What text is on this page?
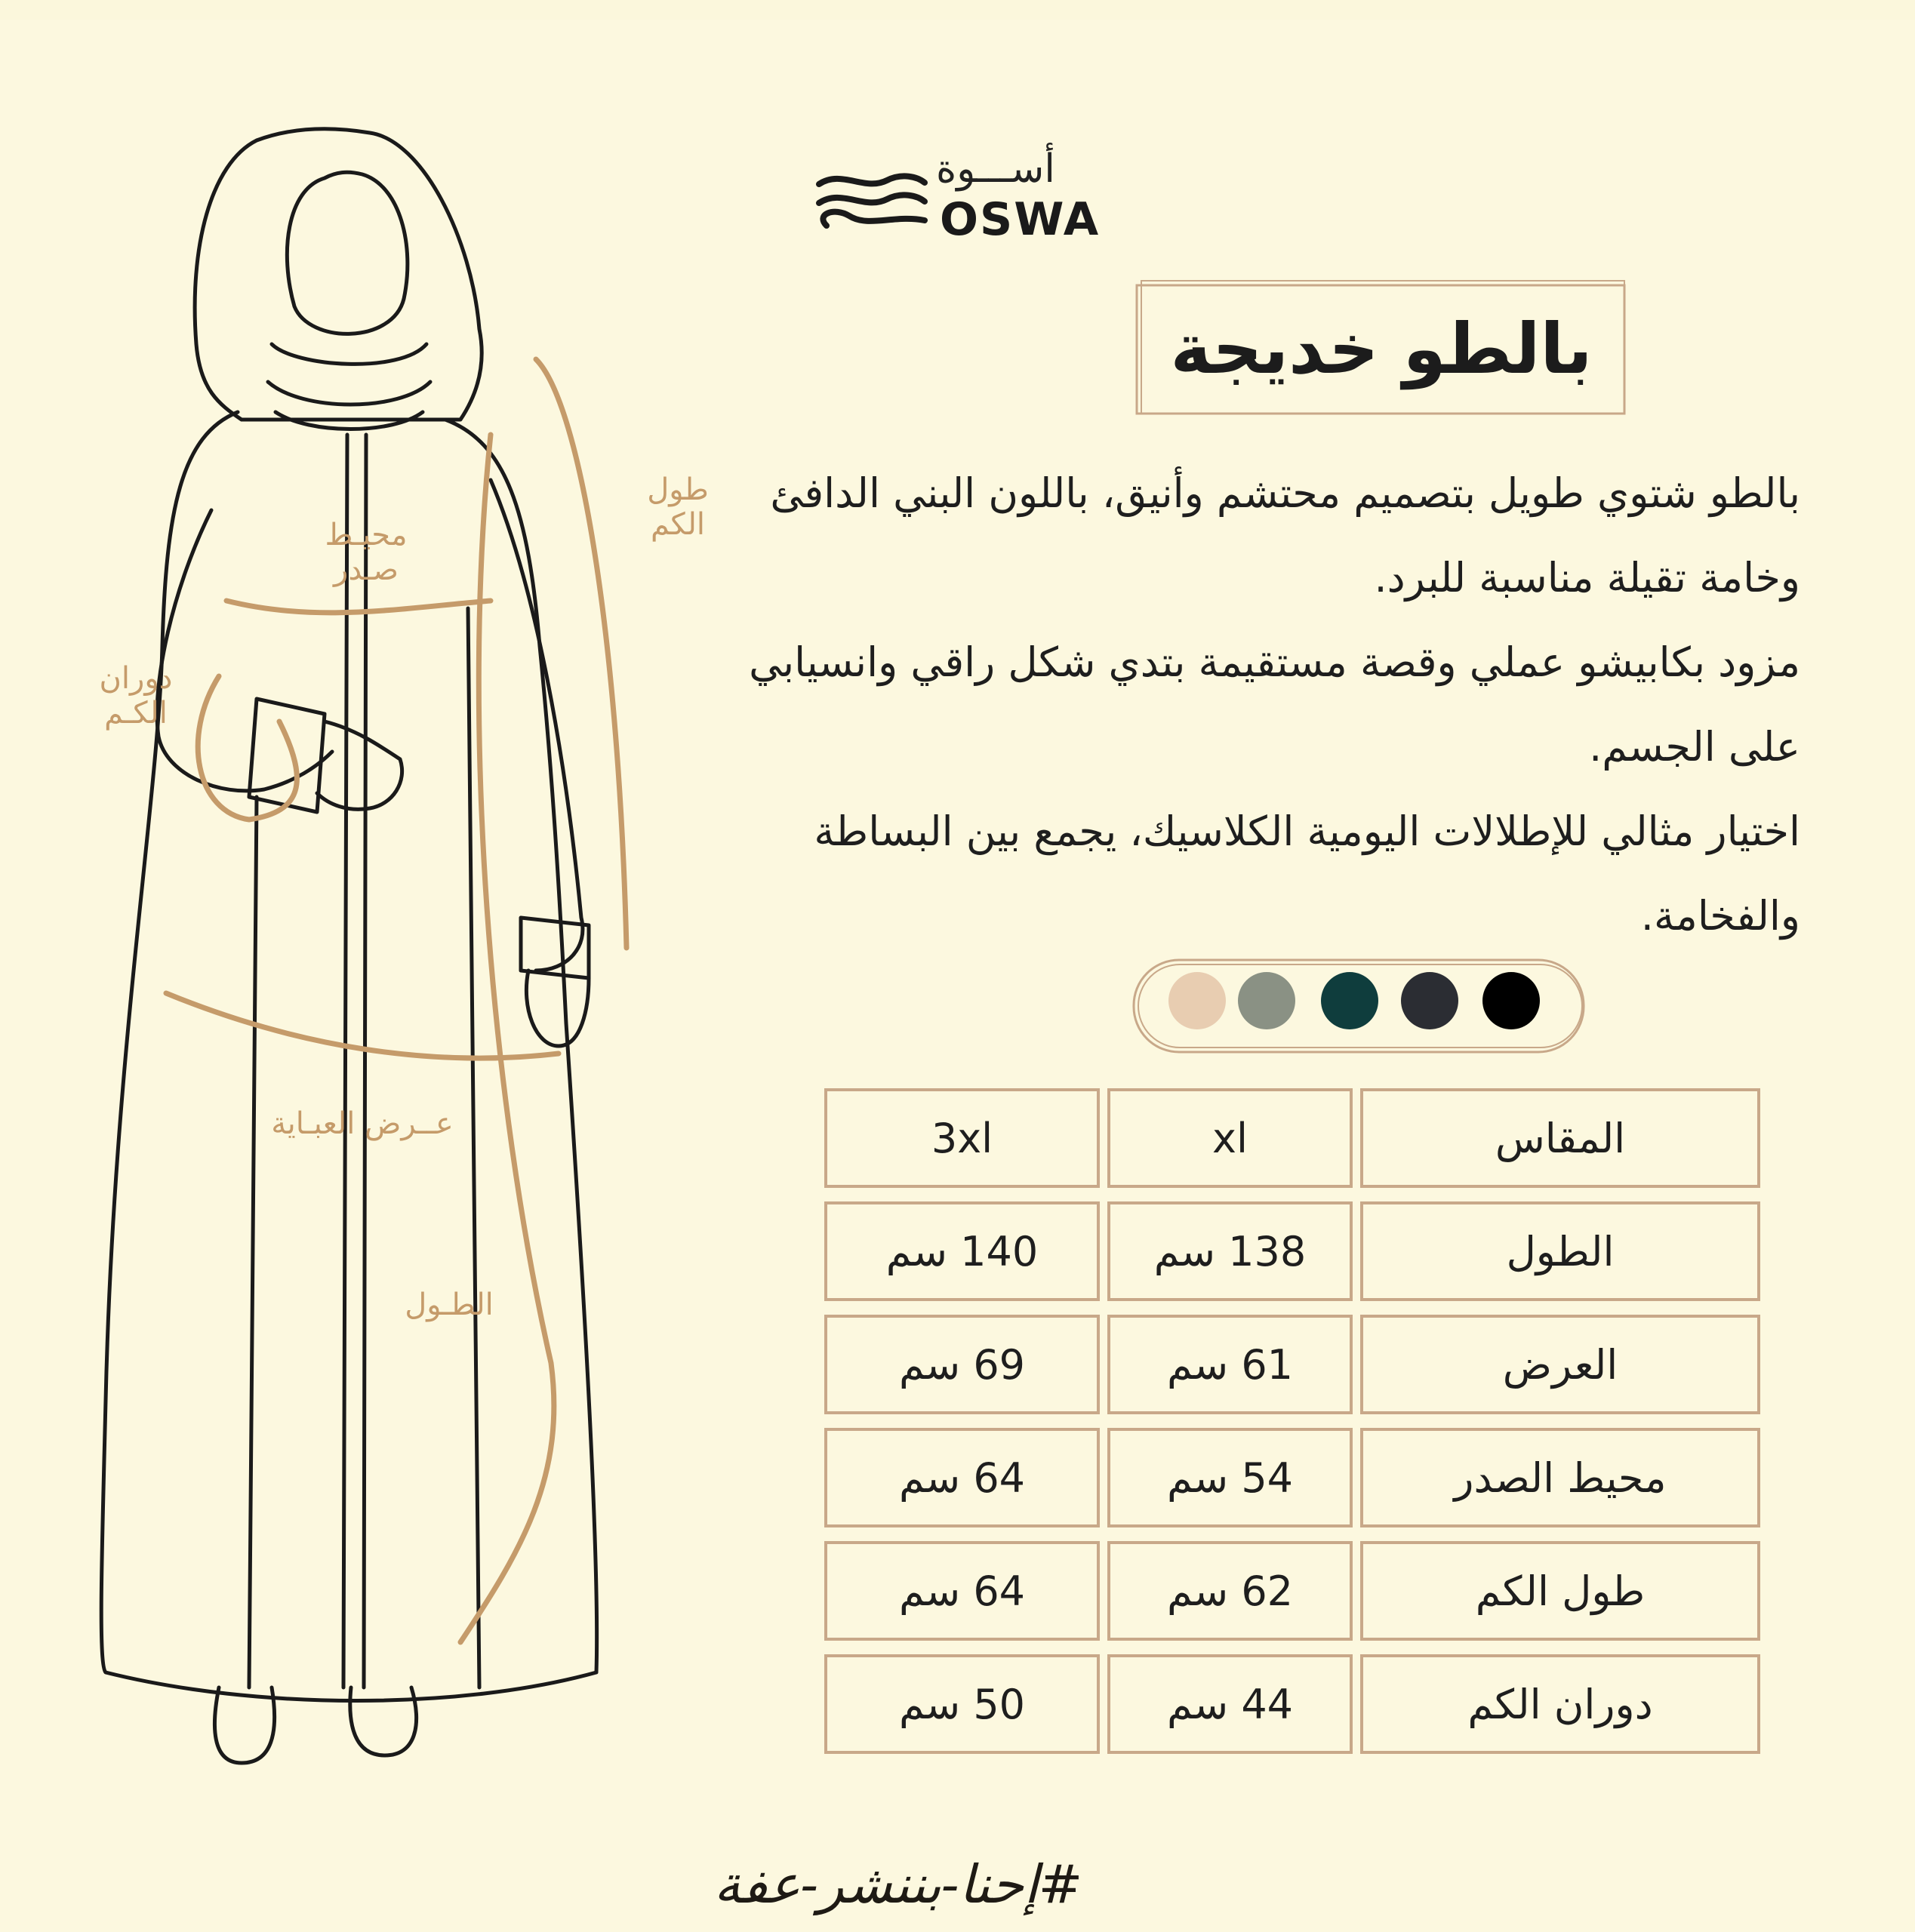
طول الكم
محيـط صـدر
دوران الكـم
عــرض العبـاية
الطـول
أســـوة
OSWA
بالطو خديجة

بالطو شتوي طويل بتصميم محتشم وأنيق، باللون البني الدافئ وخامة تقيلة مناسبة للبرد.

مزود بكابيشو عملي وقصة مستقيمة بتدي شكل راقي وانسيابي على الجسم.

اختيار مثالي للإطلالات اليومية الكلاسيك، يجمع بين البساطة والفخامة.

المقاس
xl
3xl
الطول
138 سم
140 سم
العرض
61 سم
69 سم
محيط الصدر
54 سم
64 سم
طول الكم
62 سم
64 سم
دوران الكم
44 سم
50 سم
#إحنا-بننشر-عفة
